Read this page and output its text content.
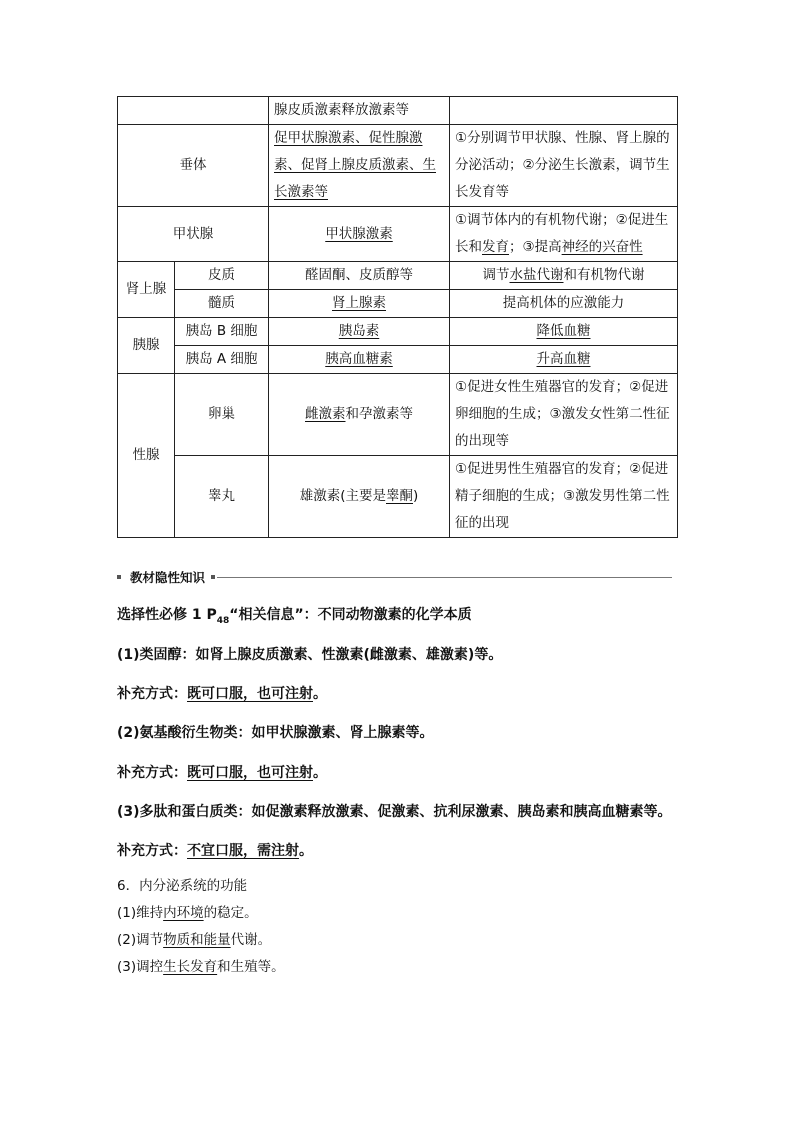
		腺皮质激素释放激素等	
垂体		促甲状腺激素、促性腺激素、促肾上腺皮质激素、生长激素等	①分别调节甲状腺、性腺、肾上腺的分泌活动；②分泌生长激素，调节生长发育等
甲状腺		甲状腺激素	①调节体内的有机物代谢；②促进生长和发育；③提高神经的兴奋性
肾上腺	皮质	醛固酮、皮质醇等	调节水盐代谢和有机物代谢
	髓质	肾上腺素	提高机体的应激能力
胰腺	胰岛 B 细胞	胰岛素	降低血糖
	胰岛 A 细胞	胰高血糖素	升高血糖
性腺	卵巢	雌激素和孕激素等	①促进女性生殖器官的发育；②促进卵细胞的生成；③激发女性第二性征的出现等
	睾丸	雄激素(主要是睾酮)	①促进男性生殖器官的发育；②促进精子细胞的生成；③激发男性第二性征的出现
教材隐性知识
选择性必修 1 $P_{48}“$相关信息”：不同动物激素的化学本质
(1)类固醇：如肾上腺皮质激素、性激素(雌激素、雄激素)等。
补充方式：既可口服，也可注射。
(2)氨基酸衍生物类：如甲状腺激素、肾上腺素等。
补充方式：既可口服，也可注射。
(3)多肽和蛋白质类：如促激素释放激素、促激素、抗利尿激素、胰岛素和胰高血糖素等。
补充方式：不宜口服，需注射。
6．内分泌系统的功能
(1)维持内环境的稳定。
(2)调节物质和能量代谢。
(3)调控生长发育和生殖等。
